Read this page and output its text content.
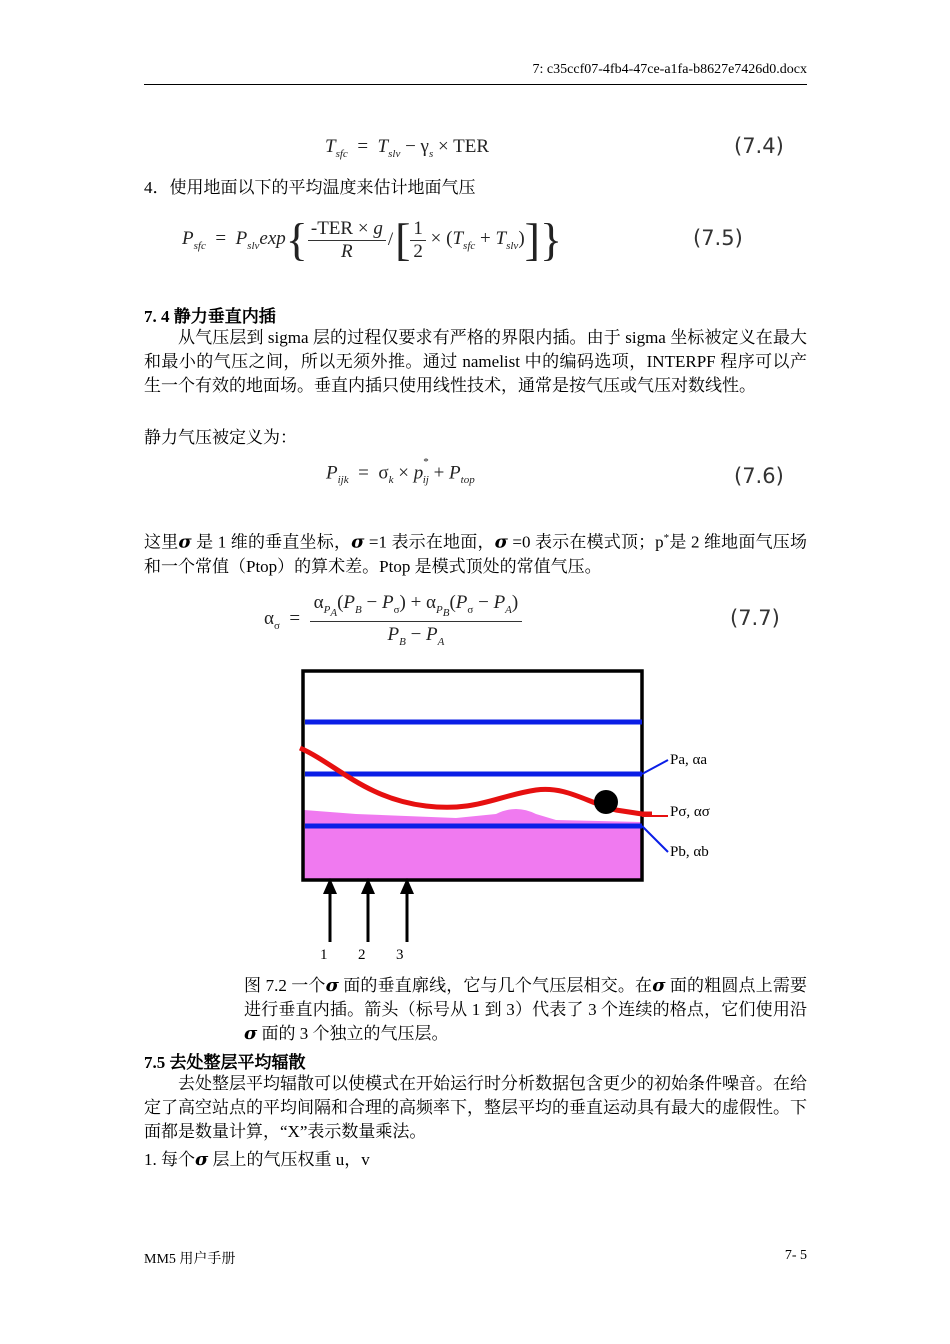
7: c35ccf07-4fb4-47ce-a1fa-b8627e7426d0.docx
$T_{sfc} = T_{slv} - \gamma_s$ × TER	(7.4)
4．使用地面以下的平均温度来估计地面气压
$P_{sfc} = P_{slv}\exp$ { $\frac{\text{-TER × g}}{R}$ / [ $\frac{1}{2} \times (T_{sfc} + T_{slv})$ ] }	(7.5)
7. 4 静力垂直内插
从气压层到 sigma 层的过程仅要求有严格的界限内插。由于 sigma 坐标被定义在最大和最小的气压之间，所以无须外推。通过 namelist 中的编码选项，INTERPF 程序可以产生一个有效的地面场。垂直内插只使用线性技术，通常是按气压或气压对数线性。
静力气压被定义为：
$P_{ijk} = \sigma_k \times p^*_{ij} + P_{top}$	(7.6)
这里σ 是 1 维的垂直坐标，σ =1 表示在地面，σ =0 表示在模式顶；p*是 2 维地面气压场和一个常值（Ptop）的算术差。Ptop 是模式顶处的常值气压。
$\alpha_\sigma = \frac{\alpha_{P_A}(P_B - P_\sigma) + \alpha_{P_B}(P_\sigma - P_A)}{P_B - P_A}$	(7.7)
Pa, αa
Pσ, ασ
Pb, αb
1 2 3
图 7.2 一个σ 面的垂直廓线，它与几个气压层相交。在σ 面的粗圆点上需要进行垂直内插。箭头（标号从 1 到 3）代表了 3 个连续的格点，它们使用沿σ 面的 3 个独立的气压层。
7.5 去处整层平均辐散
去处整层平均辐散可以使模式在开始运行时分析数据包含更少的初始条件噪音。在给定了高空站点的平均间隔和合理的高频率下，整层平均的垂直运动具有最大的虚假性。下面都是数量计算，“X”表示数量乘法。
1. 每个σ 层上的气压权重 u，v
MM5 用户手册	7- 5
